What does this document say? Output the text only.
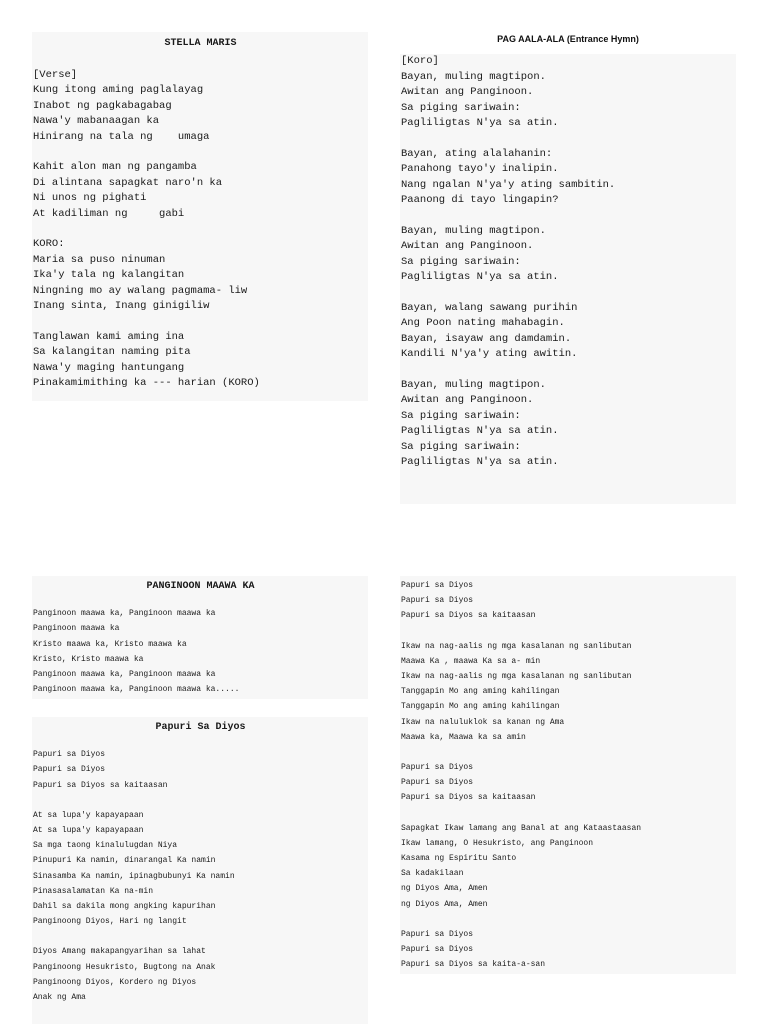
STELLA MARIS
[Verse]
Kung itong aming paglalayag
Inabot ng pagkabagabag
Nawa'y mabanaagan ka
Hinirang na tala ng    umaga
Kahit alon man ng pangamba
Di alintana sapagkat naro'n ka
Ni unos ng pighati
At kadiliman ng     gabi
KORO:
Maria sa puso ninuman
Ika'y tala ng kalangitan
Ningning mo ay walang pagmama- liw
Inang sinta, Inang ginigiliw
Tanglawan kami aming ina
Sa kalangitan naming pita
Nawa'y maging hantungang
Pinakamimithing ka --- harian (KORO)
PAG AALA-ALA (Entrance Hymn)
[Koro]
Bayan, muling magtipon.
Awitan ang Panginoon.
Sa piging sariwain:
Pagliligtas N'ya sa atin.
Bayan, ating alalahanin:
Panahong tayo'y inalipin.
Nang ngalan N'ya'y ating sambitin.
Paanong di tayo lingapin?
Bayan, muling magtipon.
Awitan ang Panginoon.
Sa piging sariwain:
Pagliligtas N'ya sa atin.
Bayan, walang sawang purihin
Ang Poon nating mahabagin.
Bayan, isayaw ang damdamin.
Kandili N'ya'y ating awitin.
Bayan, muling magtipon.
Awitan ang Panginoon.
Sa piging sariwain:
Pagliligtas N'ya sa atin.
Sa piging sariwain:
Pagliligtas N'ya sa atin.
PANGINOON MAAWA KA
Panginoon maawa ka, Panginoon maawa ka
Panginoon maawa ka
Kristo maawa ka, Kristo maawa ka
Kristo, Kristo maawa ka
Panginoon maawa ka, Panginoon maawa ka
Panginoon maawa ka, Panginoon maawa ka.....
Papuri Sa Diyos
Papuri sa Diyos
Papuri sa Diyos
Papuri sa Diyos sa kaitaasan
At sa lupa'y kapayapaan
At sa lupa'y kapayapaan
Sa mga taong kinalulugdan Niya
Pinupuri Ka namin, dinarangal Ka namin
Sinasamba Ka namin, ipinagbubunyi Ka namin
Pinasasalamatan Ka na-min
Dahil sa dakila mong angking kapurihan
Panginoong Diyos, Hari ng langit
Diyos Amang makapangyarihan sa lahat
Panginoong Hesukristo, Bugtong na Anak
Panginoong Diyos, Kordero ng Diyos
Anak ng Ama
Papuri sa Diyos
Papuri sa Diyos
Papuri sa Diyos sa kaitaasan
Ikaw na nag-aalis ng mga kasalanan ng sanlibutan
Maawa Ka , maawa Ka sa a- min
Ikaw na nag-aalis ng mga kasalanan ng sanlibutan
Tanggapin Mo ang aming kahilingan
Tanggapin Mo ang aming kahilingan
Ikaw na naluluklok sa kanan ng Ama
Maawa ka, Maawa ka sa amin
Papuri sa Diyos
Papuri sa Diyos
Papuri sa Diyos sa kaitaasan
Sapagkat Ikaw lamang ang Banal at ang Kataastaasan
Ikaw lamang, O Hesukristo, ang Panginoon
Kasama ng Espiritu Santo
Sa kadakilaan
ng Diyos Ama, Amen
ng Diyos Ama, Amen
Papuri sa Diyos
Papuri sa Diyos
Papuri sa Diyos sa kaita-a-san
